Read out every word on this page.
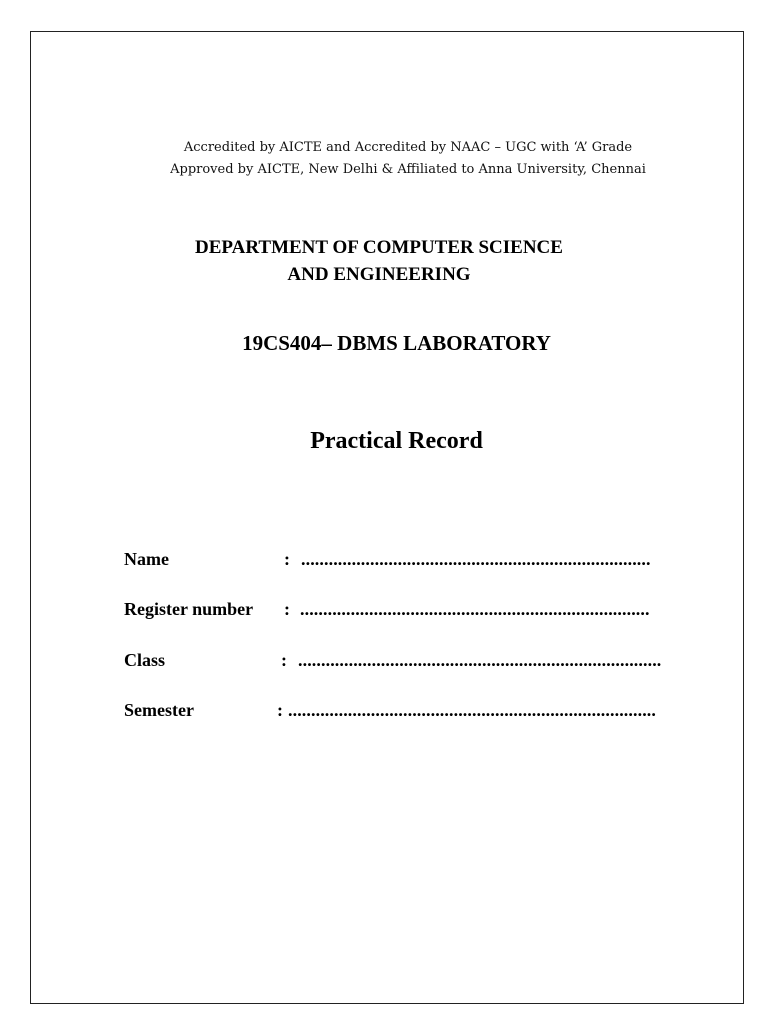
Accredited by AICTE and Accredited by NAAC – UGC with ‘A’ Grade
Approved by AICTE, New Delhi & Affiliated to Anna University, Chennai
DEPARTMENT OF COMPUTER SCIENCE
AND ENGINEERING
19CS404– DBMS LABORATORY
Practical Record
Name	: ............................................................................
Register number : ............................................................................
Class	: ...............................................................................
Semester	: ................................................................................
